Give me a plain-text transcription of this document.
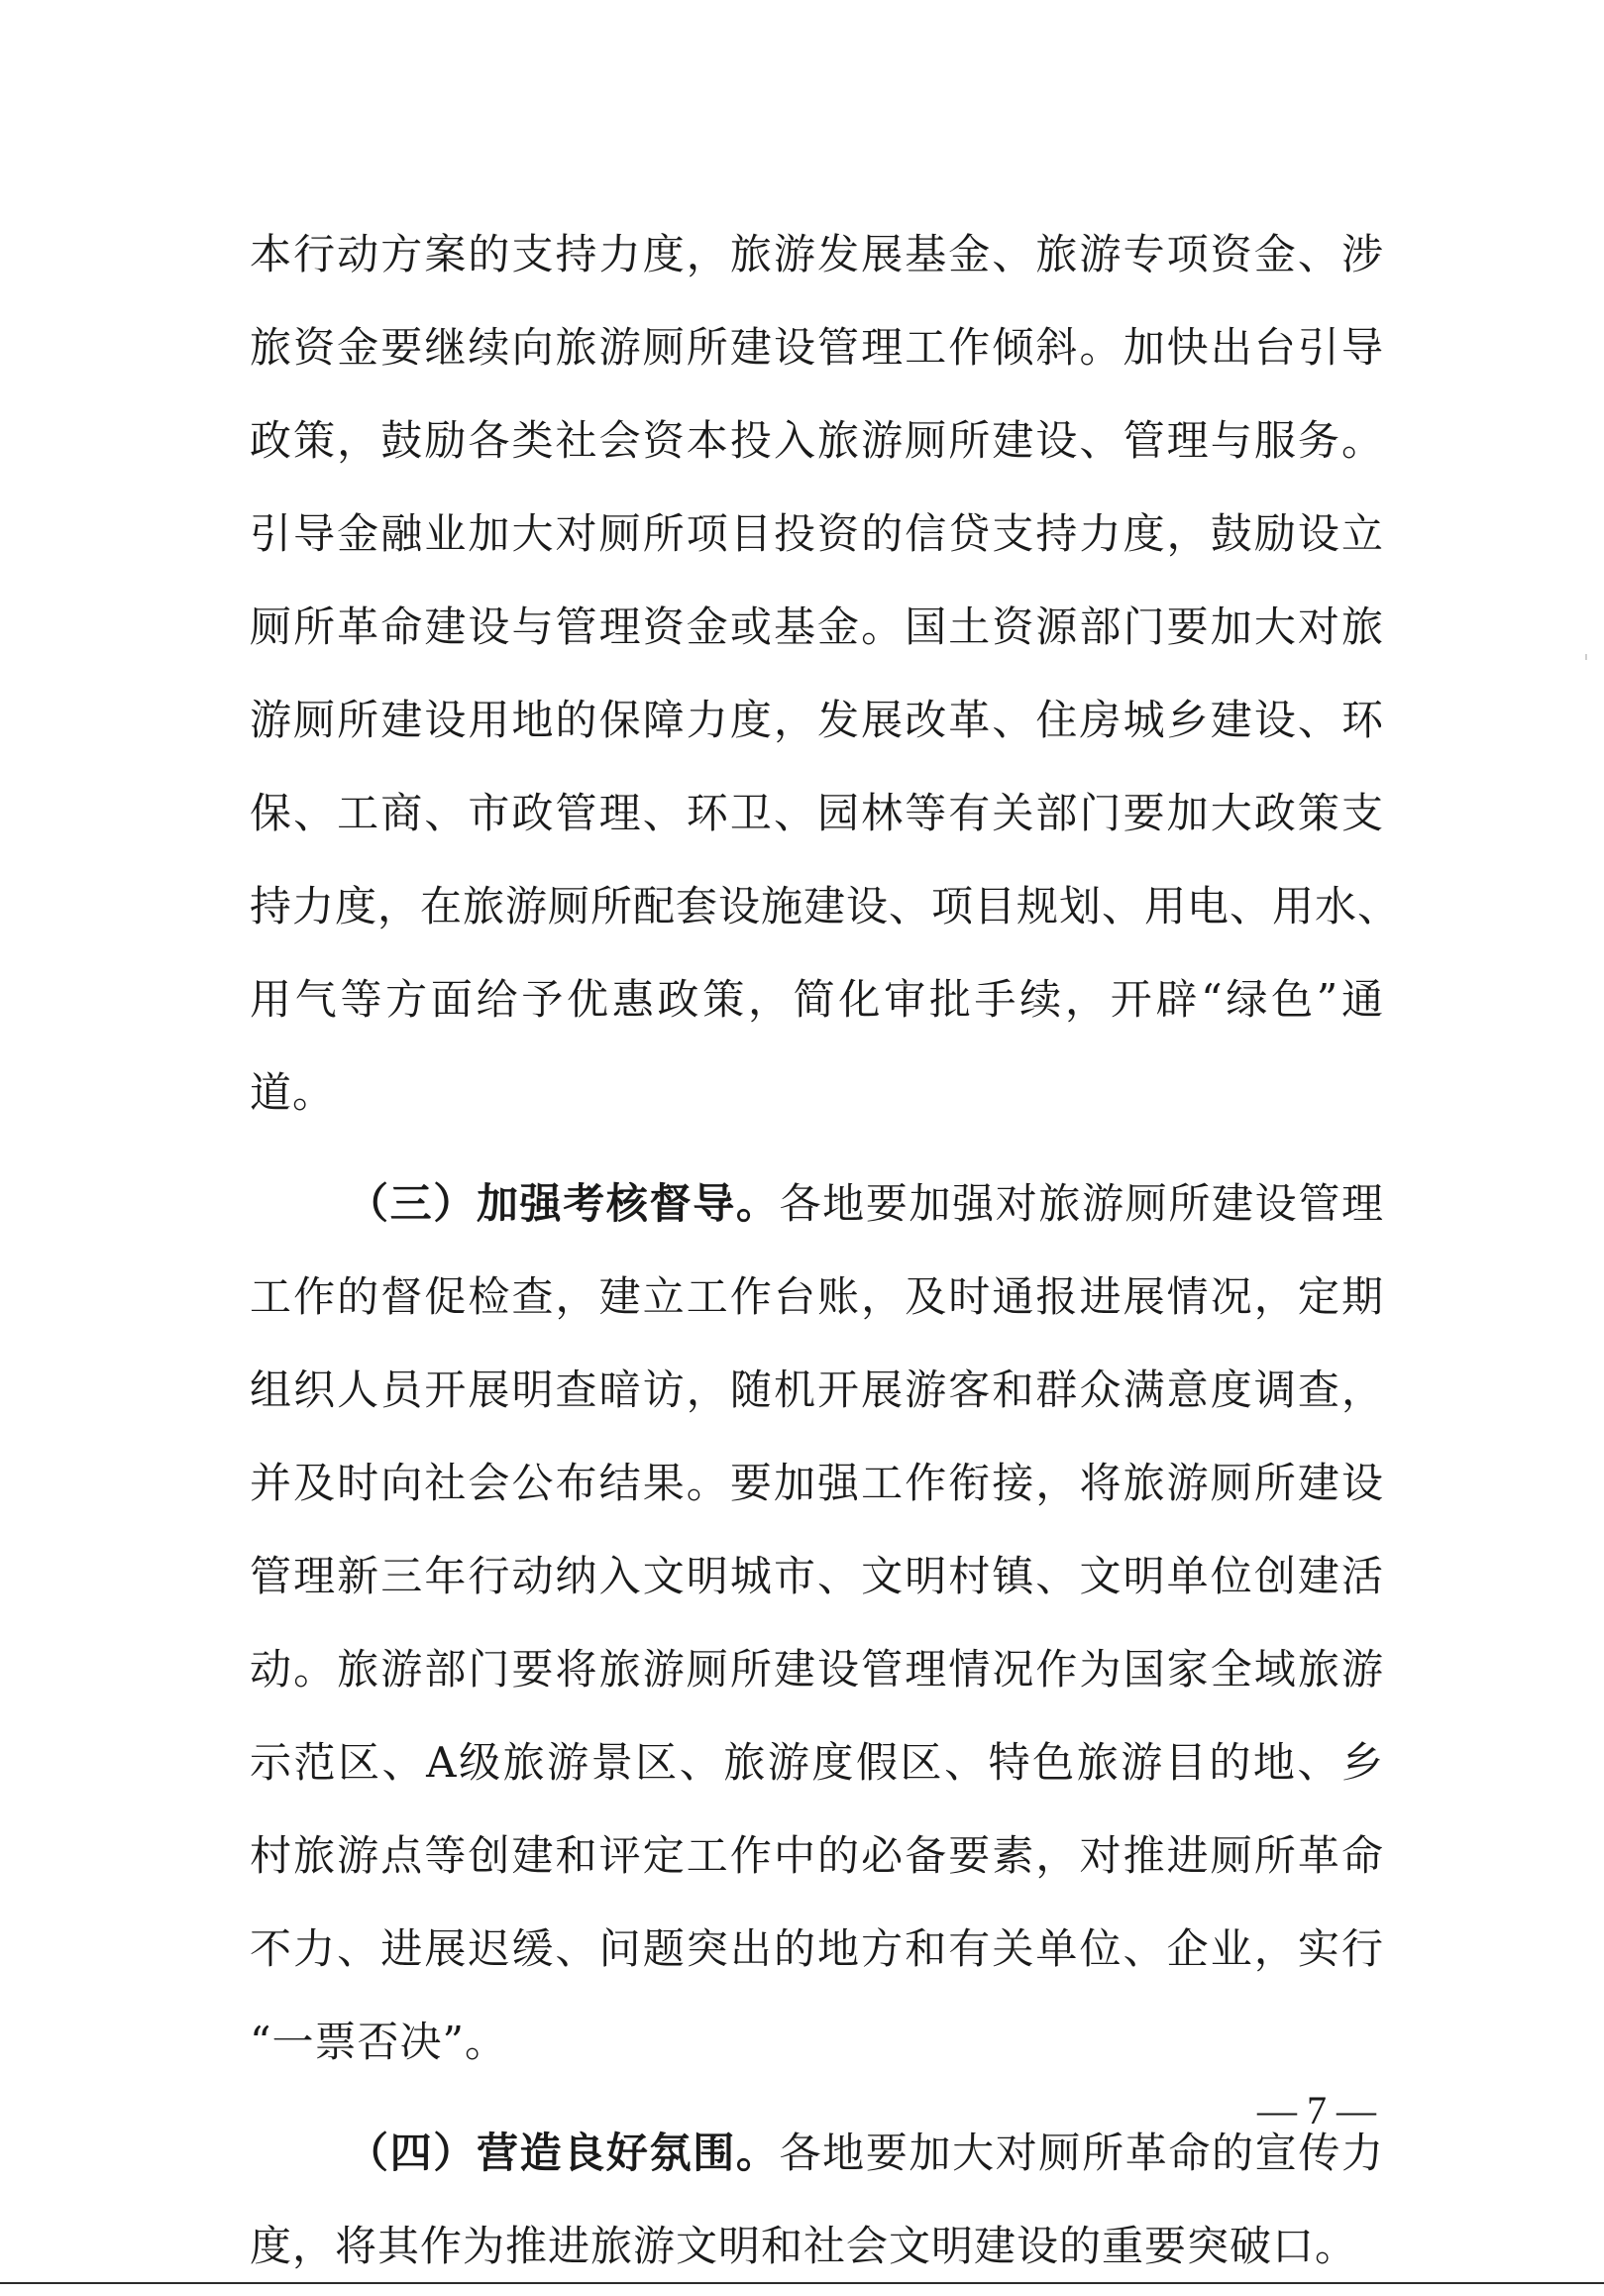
本行动方案的支持力度，旅游发展基金、旅游专项资金、涉
旅资金要继续向旅游厕所建设管理工作倾斜。加快出台引导
政策，鼓励各类社会资本投入旅游厕所建设、管理与服务。
引导金融业加大对厕所项目投资的信贷支持力度，鼓励设立
厕所革命建设与管理资金或基金。国土资源部门要加大对旅
游厕所建设用地的保障力度，发展改革、住房城乡建设、环
保、工商、市政管理、环卫、园林等有关部门要加大政策支
持力度，在旅游厕所配套设施建设、项目规划、用电、用水、
用气等方面给予优惠政策，简化审批手续，开辟“绿色”通
道。
（三）加强考核督导。各地要加强对旅游厕所建设管理
工作的督促检查，建立工作台账，及时通报进展情况，定期
组织人员开展明查暗访，随机开展游客和群众满意度调查，
并及时向社会公布结果。要加强工作衔接，将旅游厕所建设
管理新三年行动纳入文明城市、文明村镇、文明单位创建活
动。旅游部门要将旅游厕所建设管理情况作为国家全域旅游
示范区、A级旅游景区、旅游度假区、特色旅游目的地、乡
村旅游点等创建和评定工作中的必备要素，对推进厕所革命
不力、进展迟缓、问题突出的地方和有关单位、企业，实行
“一票否决”。
（四）营造良好氛围。各地要加大对厕所革命的宣传力
度，将其作为推进旅游文明和社会文明建设的重要突破口。
— 7 —
